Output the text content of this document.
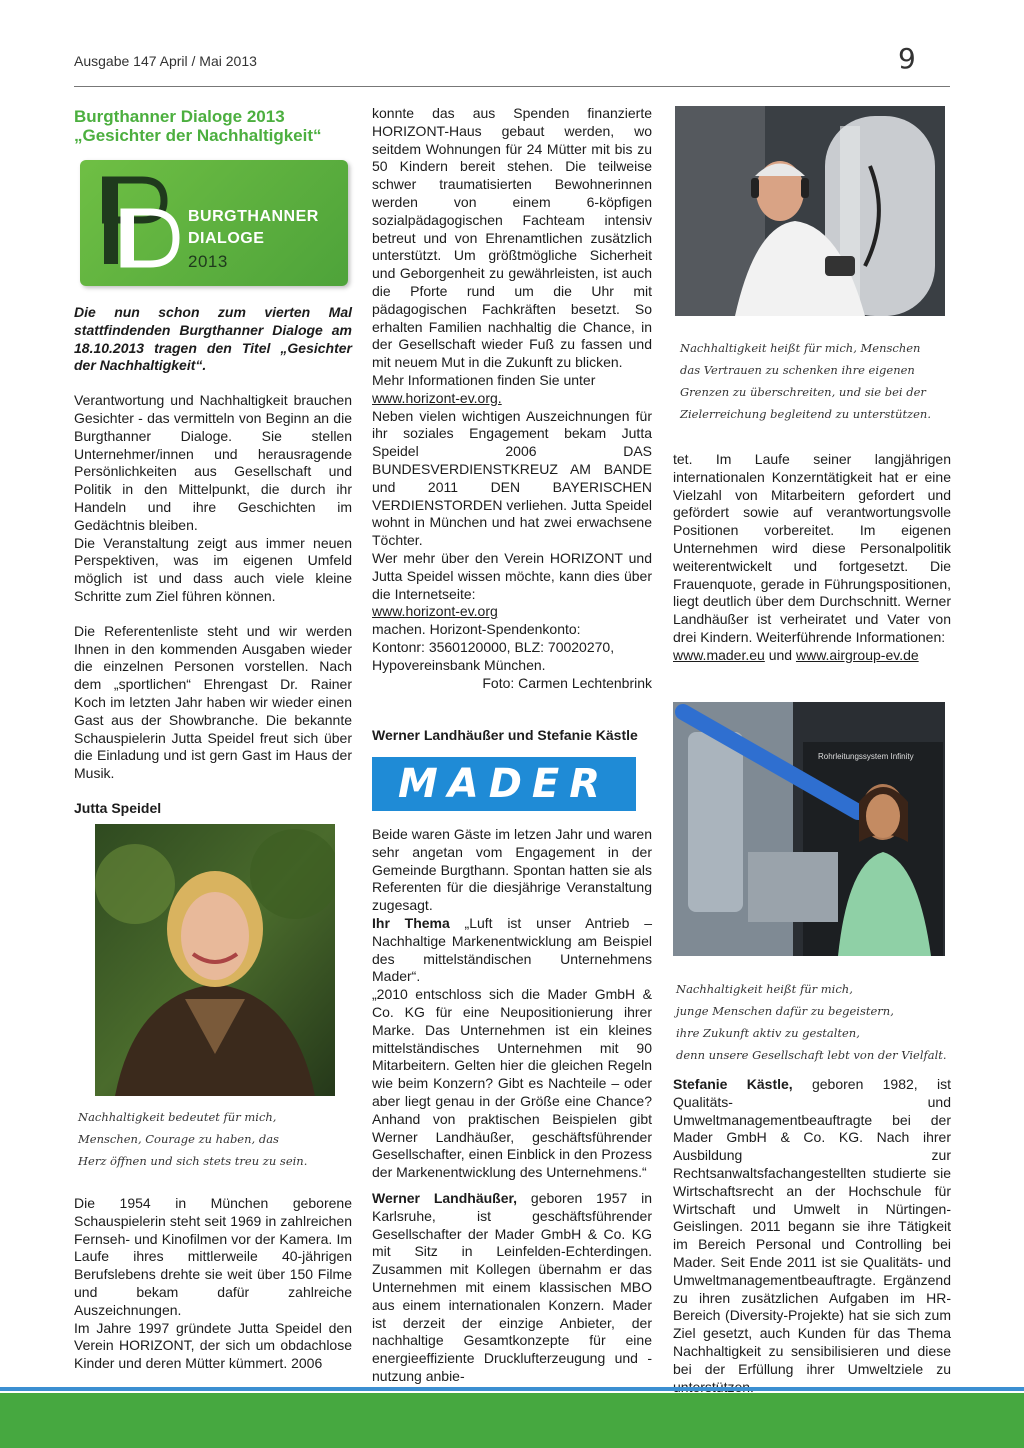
Ausgabe 147 April / Mai 2013	9
Burgthanner Dialoge 2013
„Gesichter der Nachhaltigkeit“
BURGTHANNER
DIALOGE
2013

Die nun schon zum vierten Mal stattfindenden Burgthanner Dialoge am 18.10.2013 tragen den Titel „Gesichter der Nachhaltigkeit“.

Verantwortung und Nachhaltigkeit brauchen Gesichter - das vermitteln von Beginn an die Burgthanner Dialoge. Sie stellen Unternehmer/innen und herausragende Persönlichkeiten aus Gesellschaft und Politik in den Mittelpunkt, die durch ihr Handeln und ihre Geschichten im Gedächtnis bleiben.

Die Veranstaltung zeigt aus immer neuen Perspektiven, was im eigenen Umfeld möglich ist und dass auch viele kleine Schritte zum Ziel führen können.

Die Referentenliste steht und wir werden Ihnen in den kommenden Ausgaben wieder die einzelnen Personen vorstellen. Nach dem „sportlichen“ Ehrengast Dr. Rainer Koch im letzten Jahr haben wir wieder einen Gast aus der Showbranche. Die bekannte Schauspielerin Jutta Speidel freut sich über die Einladung und ist gern Gast im Haus der Musik.

Jutta Speidel

Nachhaltigkeit bedeutet für mich,
Menschen, Courage zu haben, das
Herz öffnen und sich stets treu zu sein.

Die 1954 in München geborene Schauspielerin steht seit 1969 in zahlreichen Fernseh- und Kinofilmen vor der Kamera. Im Laufe ihres mittlerweile 40-jährigen Berufslebens drehte sie weit über 150 Filme und bekam dafür zahlreiche Auszeichnungen.

Im Jahre 1997 gründete Jutta Speidel den Verein HORIZONT, der sich um obdachlose Kinder und deren Mütter kümmert. 2006

konnte das aus Spenden finanzierte HORIZONT-Haus gebaut werden, wo seitdem Wohnungen für 24 Mütter mit bis zu 50 Kindern bereit stehen. Die teilweise schwer traumatisierten Bewohnerinnen werden von einem 6-köpfigen sozialpädagogischen Fachteam intensiv betreut und von Ehrenamtlichen zusätzlich unterstützt. Um größtmögliche Sicherheit und Geborgenheit zu gewährleisten, ist auch die Pforte rund um die Uhr mit pädagogischen Fachkräften besetzt. So erhalten Familien nachhaltig die Chance, in der Gesellschaft wieder Fuß zu fassen und mit neuem Mut in die Zukunft zu blicken.

Mehr Informationen finden Sie unter

www.horizont-ev.org.

Neben vielen wichtigen Auszeichnungen für ihr soziales Engagement bekam Jutta Speidel 2006 DAS BUNDESVERDIENSTKREUZ AM BANDE und 2011 DEN BAYERISCHEN VERDIENSTORDEN verliehen. Jutta Speidel wohnt in München und hat zwei erwachsene Töchter.

Wer mehr über den Verein HORIZONT und Jutta Speidel wissen möchte, kann dies über die Internetseite:

www.horizont-ev.org

machen. Horizont-Spendenkonto:

Kontonr: 3560120000, BLZ: 70020270,

Hypovereinsbank München.

Foto: Carmen Lechtenbrink

Werner Landhäußer und Stefanie Kästle
MADER

Beide waren Gäste im letzen Jahr und waren sehr angetan vom Engagement in der Gemeinde Burgthann. Spontan hatten sie als Referenten für die diesjährige Veranstaltung zugesagt.

Ihr Thema „Luft ist unser Antrieb – Nachhaltige Markenentwicklung am Beispiel des mittelständischen Unternehmens Mader“.

„2010 entschloss sich die Mader GmbH & Co. KG für eine Neupositionierung ihrer Marke. Das Unternehmen ist ein kleines mittelständisches Unternehmen mit 90 Mitarbeitern. Gelten hier die gleichen Regeln wie beim Konzern? Gibt es Nachteile – oder aber liegt genau in der Größe eine Chance? Anhand von praktischen Beispielen gibt Werner Landhäußer, geschäftsführender Gesellschafter, einen Einblick in den Prozess der Markenentwicklung des Unternehmens.“

Werner Landhäußer, geboren 1957 in Karlsruhe, ist geschäftsführender Gesellschafter der Mader GmbH & Co. KG mit Sitz in Leinfelden-Echterdingen. Zusammen mit Kollegen übernahm er das Unternehmen mit einem klassischen MBO aus einem internationalen Konzern. Mader ist derzeit der einzige Anbieter, der nachhaltige Gesamtkonzepte für eine energieeffiziente Drucklufterzeugung und -nutzung anbie-

Nachhaltigkeit heißt für mich, Menschen
das Vertrauen zu schenken ihre eigenen
Grenzen zu überschreiten, und sie bei der
Zielerreichung begleitend zu unterstützen.

tet. Im Laufe seiner langjährigen internationalen Konzerntätigkeit hat er eine Vielzahl von Mitarbeitern gefordert und gefördert sowie auf verantwortungsvolle Positionen vorbereitet. Im eigenen Unternehmen wird diese Personalpolitik weiterentwickelt und fortgesetzt. Die Frauenquote, gerade in Führungspositionen, liegt deutlich über dem Durchschnitt. Werner Landhäußer ist verheiratet und Vater von drei Kindern. Weiterführende Informationen:

www.mader.eu und www.airgroup-ev.de

Rohrleitungssystem Infinity
Nachhaltigkeit heißt für mich,
junge Menschen dafür zu begeistern,
ihre Zukunft aktiv zu gestalten,
denn unsere Gesellschaft lebt von der Vielfalt.

Stefanie Kästle, geboren 1982, ist Qualitäts- und Umweltmanagementbeauftragte bei der Mader GmbH & Co. KG. Nach ihrer Ausbildung zur Rechtsanwaltsfachangestellten studierte sie Wirtschaftsrecht an der Hochschule für Wirtschaft und Umwelt in Nürtingen-Geislingen. 2011 begann sie ihre Tätigkeit im Bereich Personal und Controlling bei Mader. Seit Ende 2011 ist sie Qualitäts- und Umweltmanagementbeauftragte. Ergänzend zu ihren zusätzlichen Aufgaben im HR-Bereich (Diversity-Projekte) hat sie sich zum Ziel gesetzt, auch Kunden für das Thema Nachhaltigkeit zu sensibilisieren und diese bei der Erfüllung ihrer Umweltziele zu
